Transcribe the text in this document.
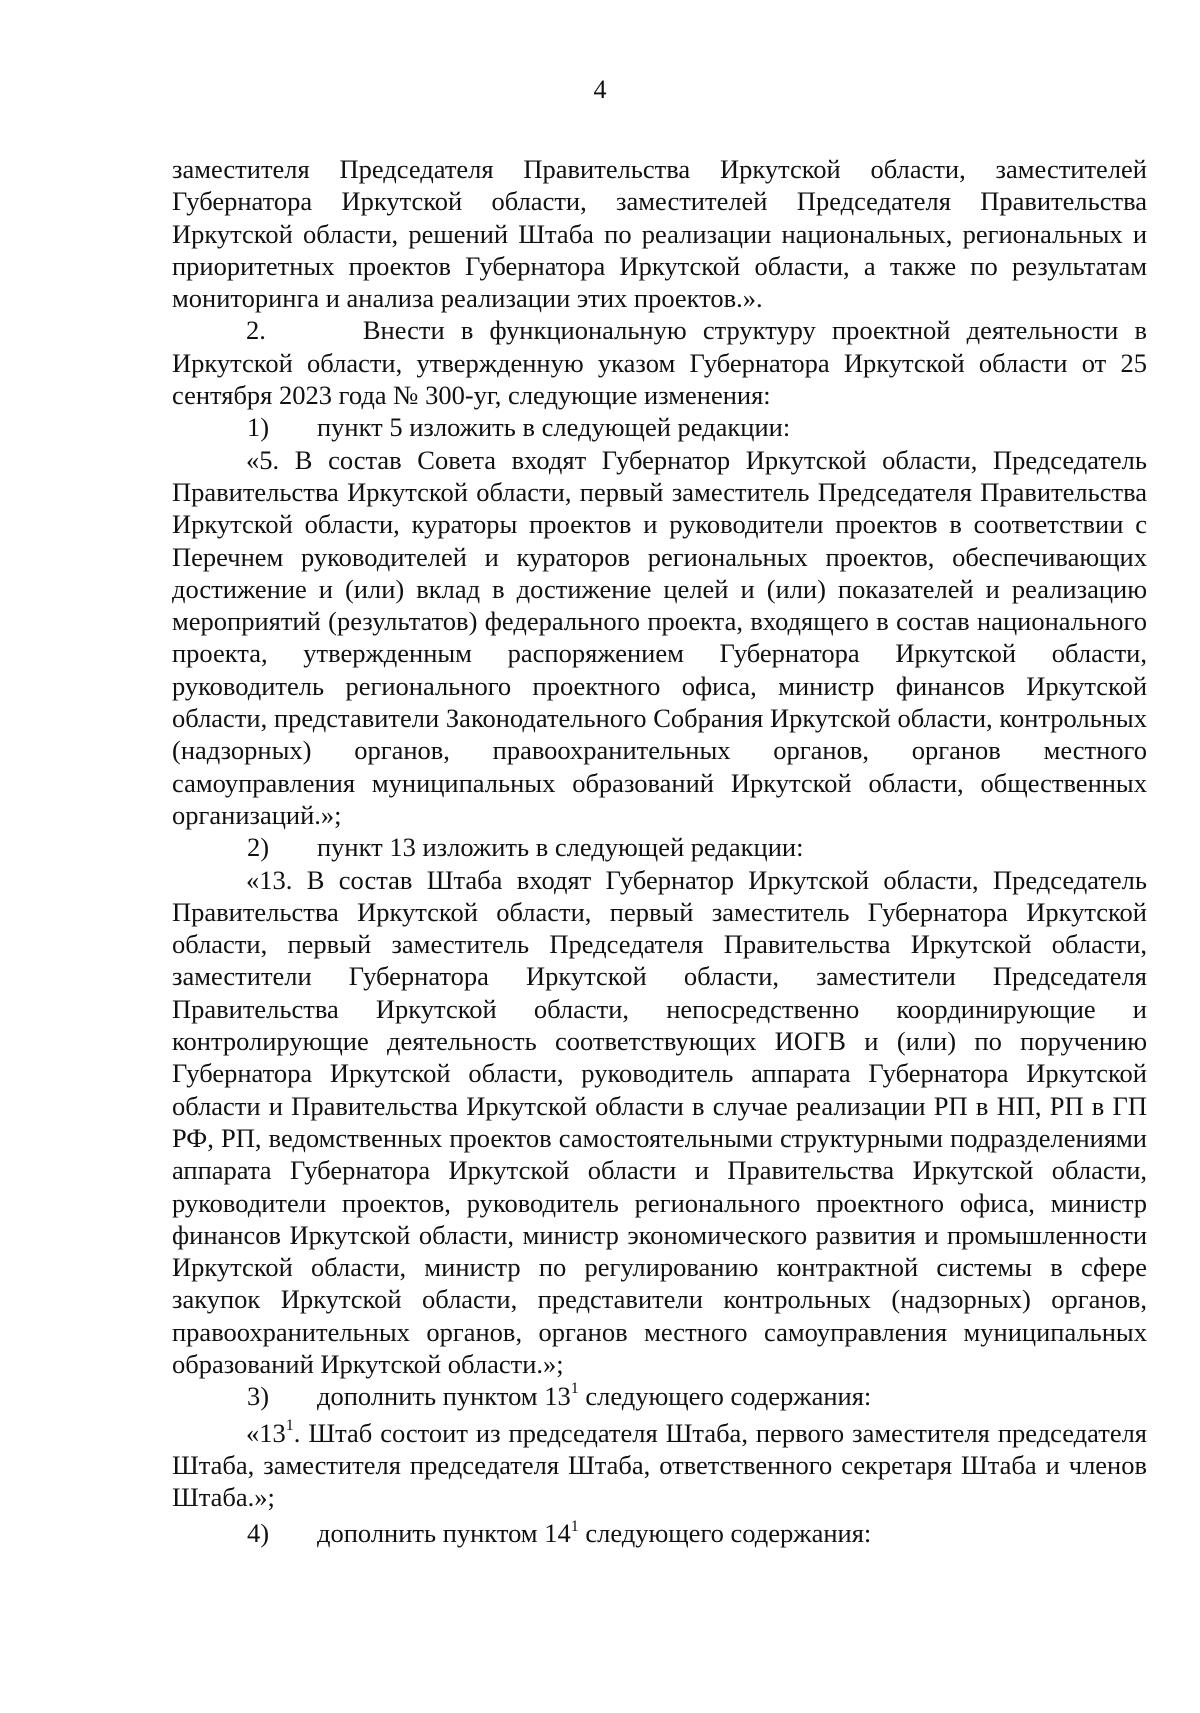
4

заместителя Председателя Правительства Иркутской области, заместителей Губернатора Иркутской области, заместителей Председателя Правительства Иркутской области, решений Штаба по реализации национальных, региональных и приоритетных проектов Губернатора Иркутской области, а также по результатам мониторинга и анализа реализации этих проектов.».

2.      Внести в функциональную структуру проектной деятельности в Иркутской области, утвержденную указом Губернатора Иркутской области от 25 сентября 2023 года № 300-уг, следующие изменения:

1)	пункт 5 изложить в следующей редакции:

«5. В состав Совета входят Губернатор Иркутской области, Председатель Правительства Иркутской области, первый заместитель Председателя Правительства Иркутской области, кураторы проектов и руководители проектов в соответствии с Перечнем руководителей и кураторов региональных проектов, обеспечивающих достижение и (или) вклад в достижение целей и (или) показателей и реализацию мероприятий (результатов) федерального проекта, входящего в состав национального проекта, утвержденным распоряжением Губернатора Иркутской области, руководитель регионального проектного офиса, министр финансов Иркутской области, представители Законодательного Собрания Иркутской области, контрольных (надзорных) органов, правоохранительных органов, органов местного самоуправления муниципальных образований Иркутской области, общественных организаций.»;

2)	пункт 13 изложить в следующей редакции:

«13. В состав Штаба входят Губернатор Иркутской области, Председатель Правительства Иркутской области, первый заместитель Губернатора Иркутской области, первый заместитель Председателя Правительства Иркутской области, заместители Губернатора Иркутской области, заместители Председателя Правительства Иркутской области, непосредственно координирующие и контролирующие деятельность соответствующих ИОГВ и (или) по поручению Губернатора Иркутской области, руководитель аппарата Губернатора Иркутской области и Правительства Иркутской области в случае реализации РП в НП, РП в ГП РФ, РП, ведомственных проектов самостоятельными структурными подразделениями аппарата Губернатора Иркутской области и Правительства Иркутской области, руководители проектов, руководитель регионального проектного офиса, министр финансов Иркутской области, министр экономического развития и промышленности Иркутской области, министр по регулированию контрактной системы в сфере закупок Иркутской области, представители контрольных (надзорных) органов, правоохранительных органов, органов местного самоуправления муниципальных образований Иркутской области.»;

3)	дополнить пунктом $13^1$ следующего содержания:

«$13^1$. Штаб состоит из председателя Штаба, первого заместителя председателя Штаба, заместителя председателя Штаба, ответственного секретаря Штаба и членов Штаба.»;

4)	дополнить пунктом $14^1$ следующего содержания:
